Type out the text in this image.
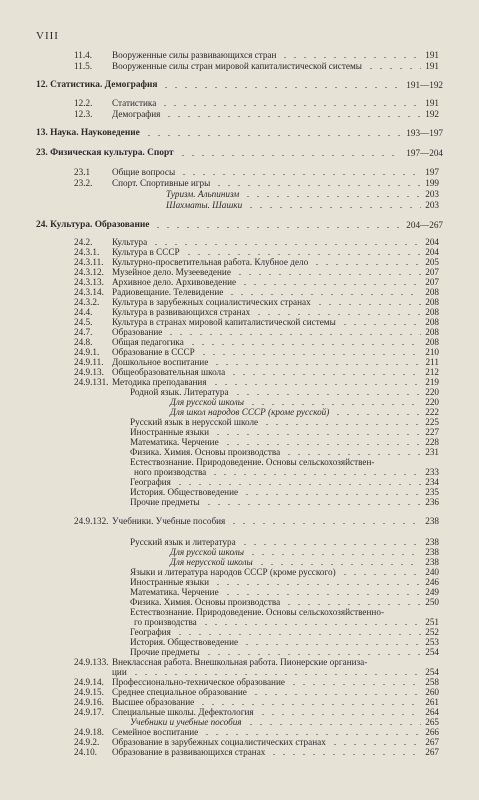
VIII
11.4. Вооруженные силы развивающихся стран	191
11.5. Вооруженные силы стран мировой капиталистической системы	191
12. Статистика. Демография	191—192
12.2. Статистика	191
12.3. Демография	192
13. Наука. Науковедение	193—197
23. Физическая культура. Спорт	197—204
23.1 Общие вопросы	197
23.2. Спорт. Спортивные игры	199
Туризм. Альпинизм	203
Шахматы. Шашки	203
24. Культура. Образование	204—267
24.2. Культура	204
24.3.1. Культура в СССР	204
24.3.11. Культурно-просветительная работа. Клубное дело	205
24.3.12. Музейное дело. Музееведение	207
24.3.13. Архивное дело. Архивоведение	207
24.3.14. Радиовещание. Телевидение	208
24.3.2. Культура в зарубежных социалистических странах	208
24.4. Культура в развивающихся странах	208
24.5. Культура в странах мировой капиталистической системы	208
24.7. Образование	208
24.8. Общая педагогика	208
24.9.1. Образование в СССР	210
24.9.11. Дошкольное воспитание	211
24.9.13. Общеобразовательная школа	212
24.9.131. Методика преподавания	219
Родной язык. Литература	220
Для русской школы	220
Для школ народов СССР (кроме русской)	222
Русский язык в нерусской школе	225
Иностранные языки	227
Математика. Черчение	228
Физика. Химия. Основы производства	231
Естествознание. Природоведение. Основы сельскохозяйствен-
ного производства	233
География	234
История. Обществоведение	235
Прочие предметы	236
24.9.132. Учебники. Учебные пособия	238
Русский язык и литература	238
Для русской школы	238
Для нерусской школы	238
Языки и литература народов СССР (кроме русского)	240
Иностранные языки	246
Математика. Черчение	249
Физика. Химия. Основы производства	250
Естествознание. Природоведение. Основы сельскохозяйственно-
го производства	251
География	252
История. Обществоведение	253
Прочие предметы	254
24.9.133. Внеклассная работа. Внешкольная работа. Пионерские организа-
ции	254
24.9.14. Профессионально-техническое образование	258
24.9.15. Среднее специальное образование	260
24.9.16. Высшее образование	261
24.9.17. Специальные школы. Дефектология	264
Учебники и учебные пособия	265
24.9.18. Семейное воспитание	266
24.9.2. Образование в зарубежных социалистических странах	267
24.10. Образование в развивающихся странах	267
